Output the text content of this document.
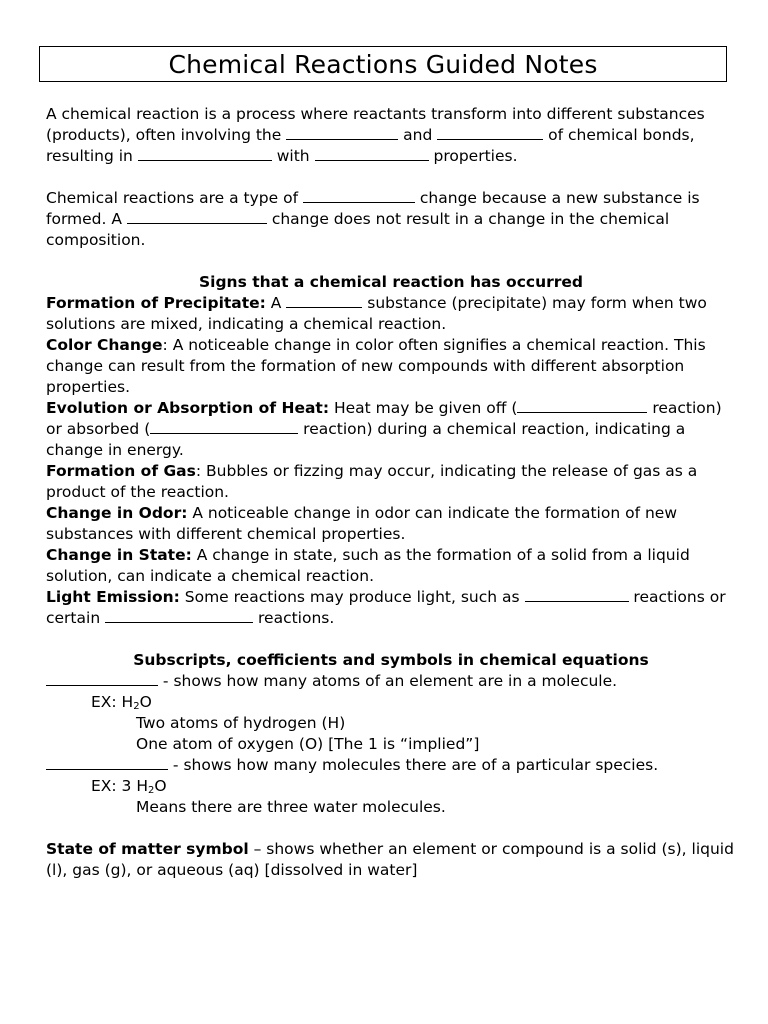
Chemical Reactions Guided Notes

A chemical reaction is a process where reactants transform into different substances (products), often involving the	and	of chemical bonds, resulting in	with	properties.

Chemical reactions are a type of	change because a new substance is formed. A	change does not result in a change in the chemical composition.

Signs that a chemical reaction has occurred

Formation of Precipitate: A	substance (precipitate) may form when two solutions are mixed, indicating a chemical reaction.

Color Change: A noticeable change in color often signifies a chemical reaction. This change can result from the formation of new compounds with different absorption properties.

Evolution or Absorption of Heat: Heat may be given off (	reaction) or absorbed (	reaction) during a chemical reaction, indicating a change in energy.

Formation of Gas: Bubbles or fizzing may occur, indicating the release of gas as a product of the reaction.

Change in Odor: A noticeable change in odor can indicate the formation of new substances with different chemical properties.

Change in State: A change in state, such as the formation of a solid from a liquid solution, can indicate a chemical reaction.

Light Emission: Some reactions may produce light, such as	reactions or certain	reactions.

Subscripts, coefficients and symbols in chemical equations

- shows how many atoms of an element are in a molecule.

EX: $H_2O$

Two atoms of hydrogen (H)

One atom of oxygen (O) [The 1 is “implied”]

- shows how many molecules there are of a particular species.

EX: 3 $H_2O$

Means there are three water molecules.

State of matter symbol – shows whether an element or compound is a solid (s), liquid (l), gas (g), or aqueous (aq) [dissolved in water]
